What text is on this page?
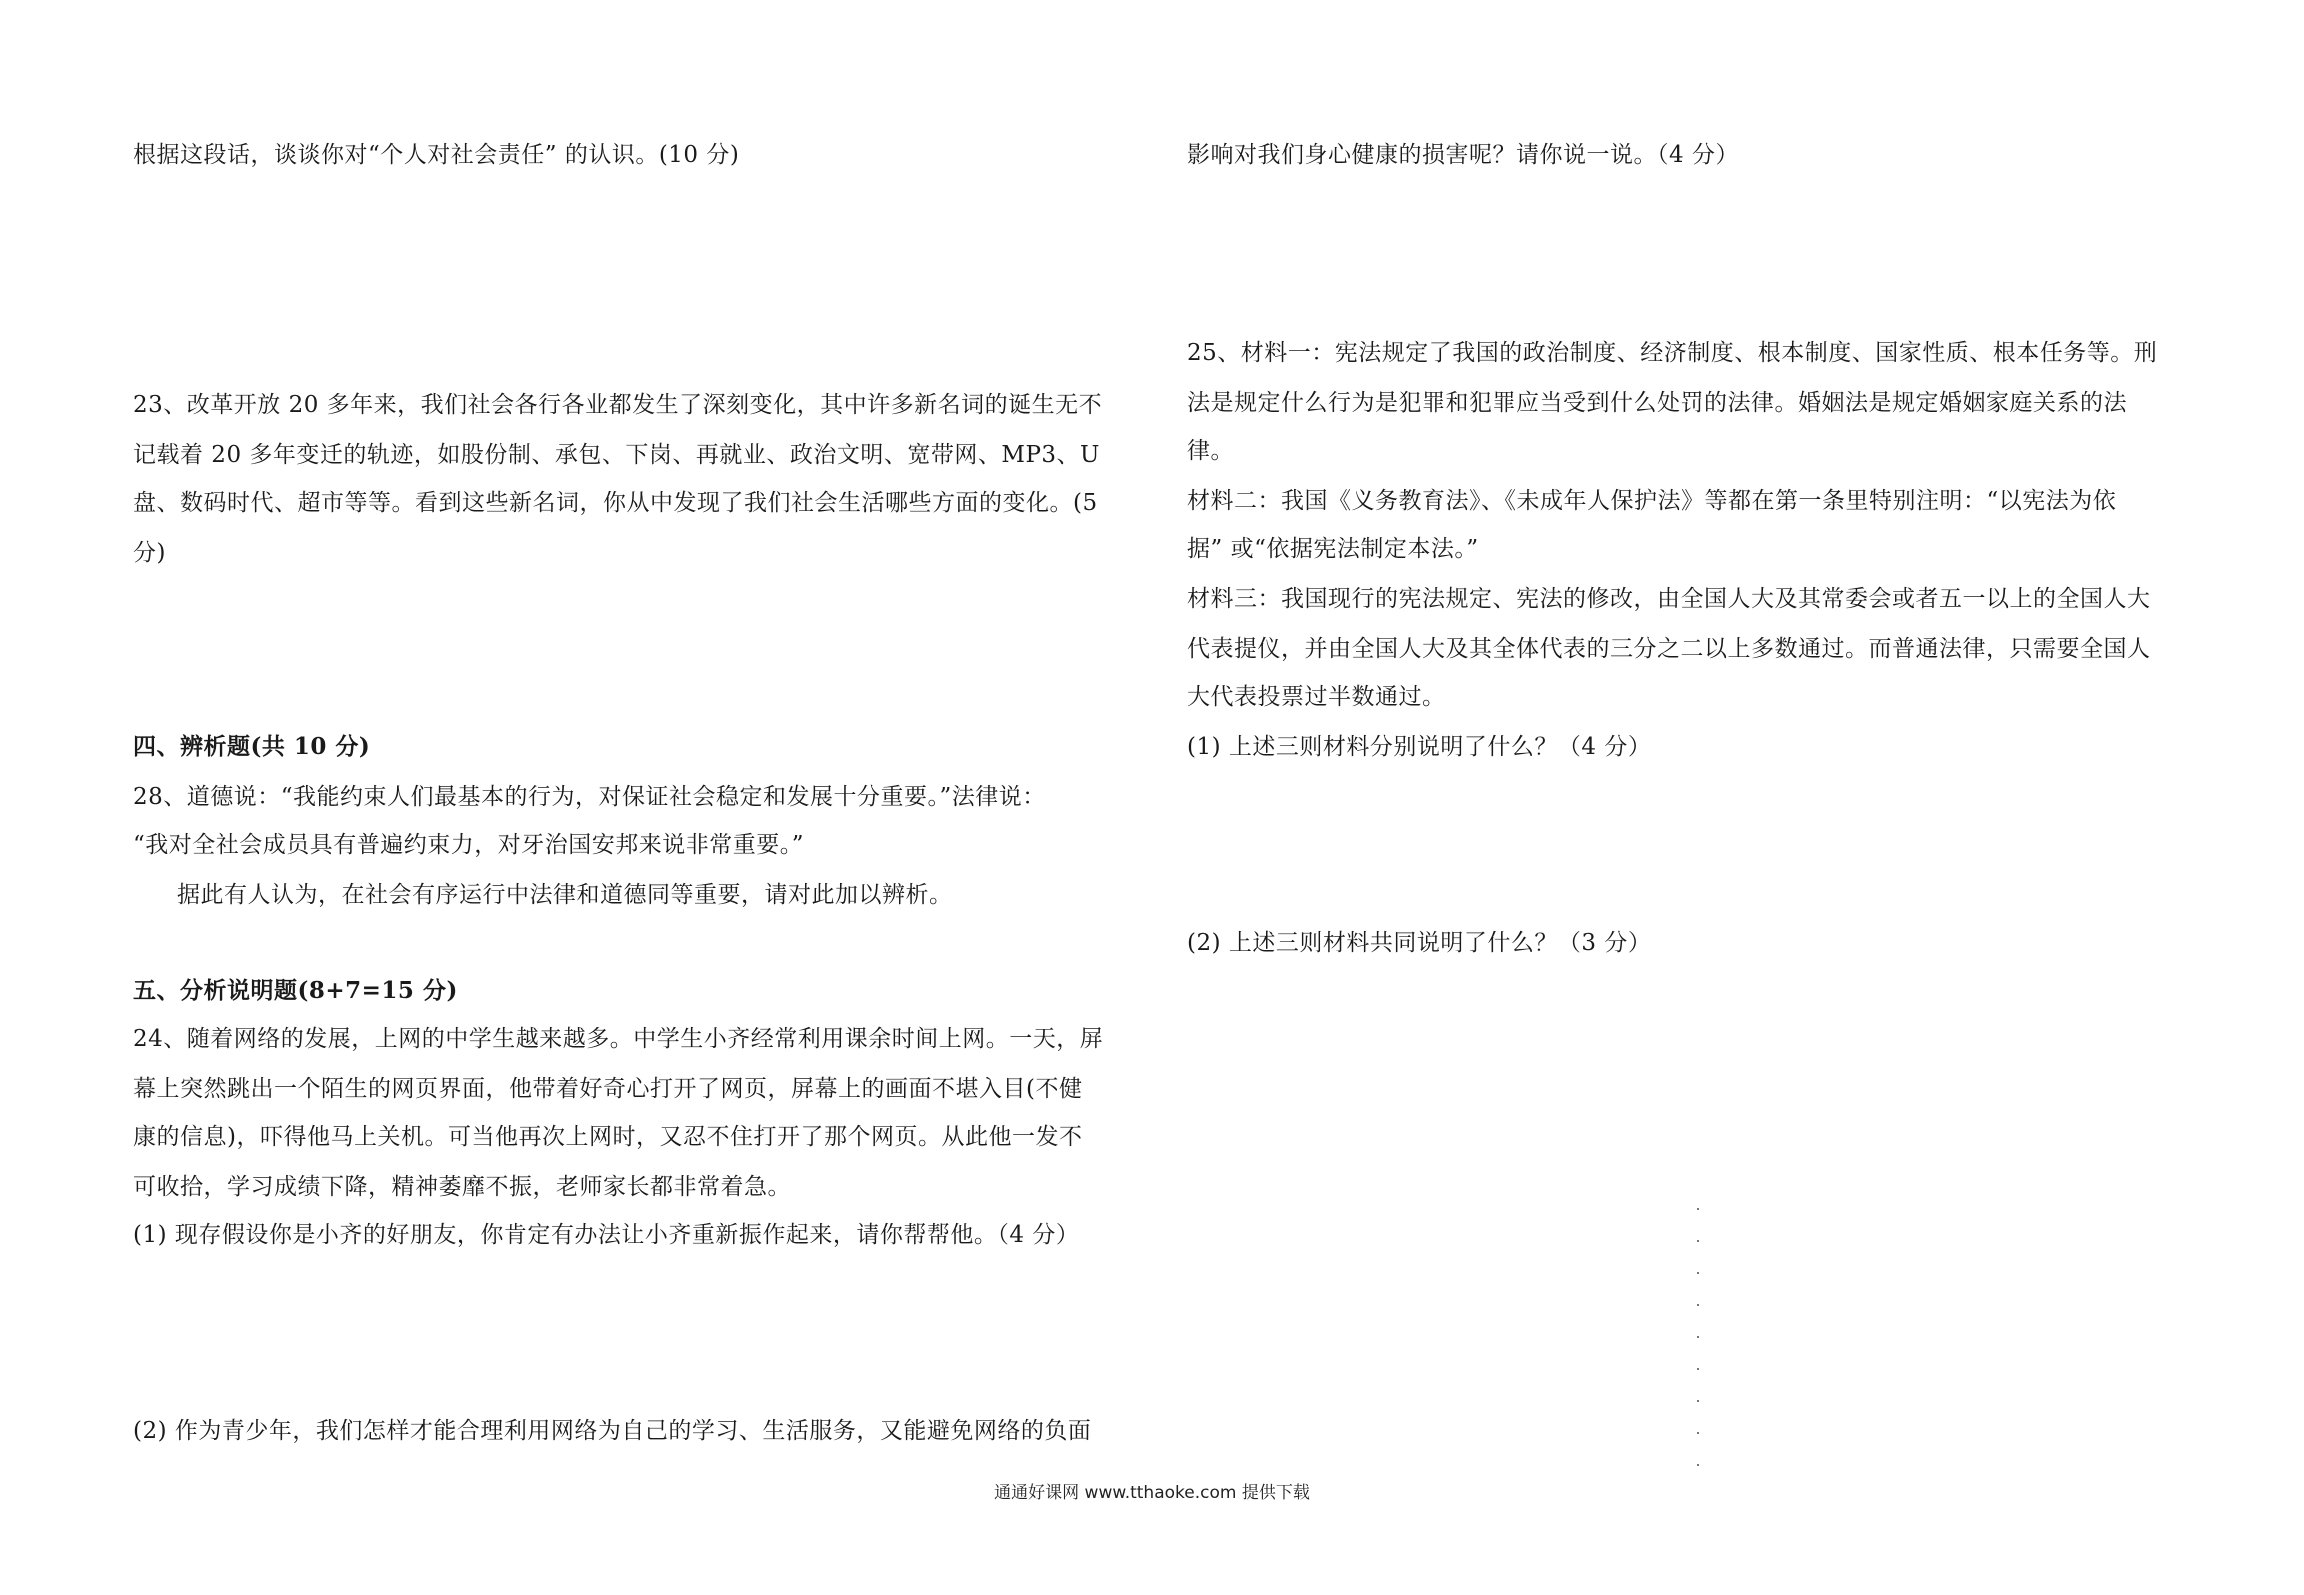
根据这段话，谈谈你对“个人对社会责任” 的认识。(10 分)
23、改革开放 20 多年来，我们社会各行各业都发生了深刻变化，其中许多新名词的诞生无不
记载着 20 多年变迁的轨迹，如股份制、承包、下岗、再就业、政治文明、宽带网、MP3、U
盘、数码时代、超市等等。看到这些新名词，你从中发现了我们社会生活哪些方面的变化。(5
分)
四、辨析题(共 10 分)
28、道德说：“我能约束人们最基本的行为，对保证社会稳定和发展十分重要。”法律说：
“我对全社会成员具有普遍约束力，对牙治国安邦来说非常重要。”
据此有人认为，在社会有序运行中法律和道德同等重要，请对此加以辨析。
五、分析说明题(8+7=15 分)
24、随着网络的发展，上网的中学生越来越多。中学生小齐经常利用课余时间上网。一天，屏
幕上突然跳出一个陌生的网页界面，他带着好奇心打开了网页，屏幕上的画面不堪入目(不健
康的信息)，吓得他马上关机。可当他再次上网时，又忍不住打开了那个网页。从此他一发不
可收拾，学习成绩下降，精神萎靡不振，老师家长都非常着急。
(1) 现存假设你是小齐的好朋友，你肯定有办法让小齐重新振作起来，请你帮帮他。（4 分）
(2) 作为青少年，我们怎样才能合理利用网络为自己的学习、生活服务，又能避免网络的负面
影响对我们身心健康的损害呢？请你说一说。（4 分）
25、材料一：宪法规定了我国的政治制度、经济制度、根本制度、国家性质、根本任务等。刑
法是规定什么行为是犯罪和犯罪应当受到什么处罚的法律。婚姻法是规定婚姻家庭关系的法
律。
材料二：我国《义务教育法》、《未成年人保护法》等都在第一条里特别注明：“以宪法为依
据” 或“依据宪法制定本法。”
材料三：我国现行的宪法规定、宪法的修改，由全国人大及其常委会或者五一以上的全国人大
代表提仪，并由全国人大及其全体代表的三分之二以上多数通过。而普通法律，只需要全国人
大代表投票过半数通过。
(1) 上述三则材料分别说明了什么？（4 分）
(2) 上述三则材料共同说明了什么？（3 分）
通通好课网 www.tthaoke.com 提供下载
